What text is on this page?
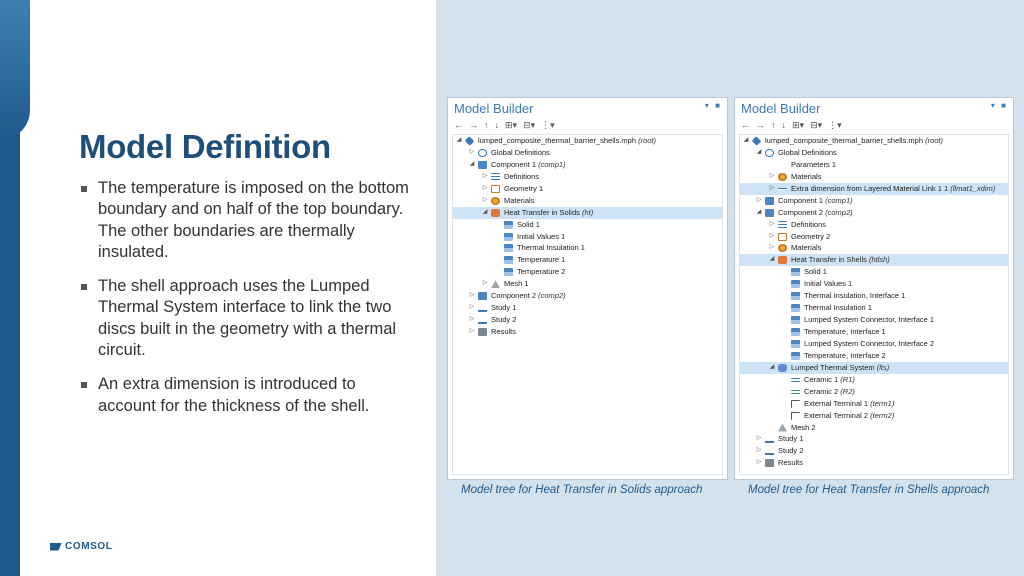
Model Definition
The temperature is imposed on the bottom boundary and on half of the top boundary. The other boundaries are thermally insulated.
The shell approach uses the Lumped Thermal System interface to link the two discs built in the geometry with a thermal circuit.
An extra dimension is introduced to account for the thickness of the shell.
COMSOL
Model Builder	▾ ■
← → ↑ ↓ ⊞▾ ⊟▾ ⋮▾
◢ lumped_composite_thermal_barrier_shells.mph (root)
▷ Global Definitions
◢ Component 1 (comp1)
▷ Definitions
▷ Geometry 1
▷ Materials
◢ Heat Transfer in Solids (ht)
Solid 1
Initial Values 1
Thermal Insulation 1
Temperature 1
Temperature 2
▷ Mesh 1
▷ Component 2 (comp2)
▷ Study 1
▷ Study 2
▷ Results
Model Builder	▾ ■
← → ↑ ↓ ⊞▾ ⊟▾ ⋮▾
◢ lumped_composite_thermal_barrier_shells.mph (root)
◢ Global Definitions
Parameters 1
▷ Materials
▷ Extra dimension from Layered Material Link 1 1 (llmat1_xdim)
▷ Component 1 (comp1)
◢ Component 2 (comp2)
▷ Definitions
▷ Geometry 2
▷ Materials
◢ Heat Transfer in Shells (htlsh)
Solid 1
Initial Values 1
Thermal Insulation, Interface 1
Thermal Insulation 1
Lumped System Connector, Interface 1
Temperature, Interface 1
Lumped System Connector, Interface 2
Temperature, Interface 2
◢ Lumped Thermal System (lts)
Ceramic 1 (R1)
Ceramic 2 (R2)
External Terminal 1 (term1)
External Terminal 2 (term2)
Mesh 2
▷ Study 1
▷ Study 2
▷ Results
Model tree for Heat Transfer in Solids approach	Model tree for Heat Transfer in Shells approach
